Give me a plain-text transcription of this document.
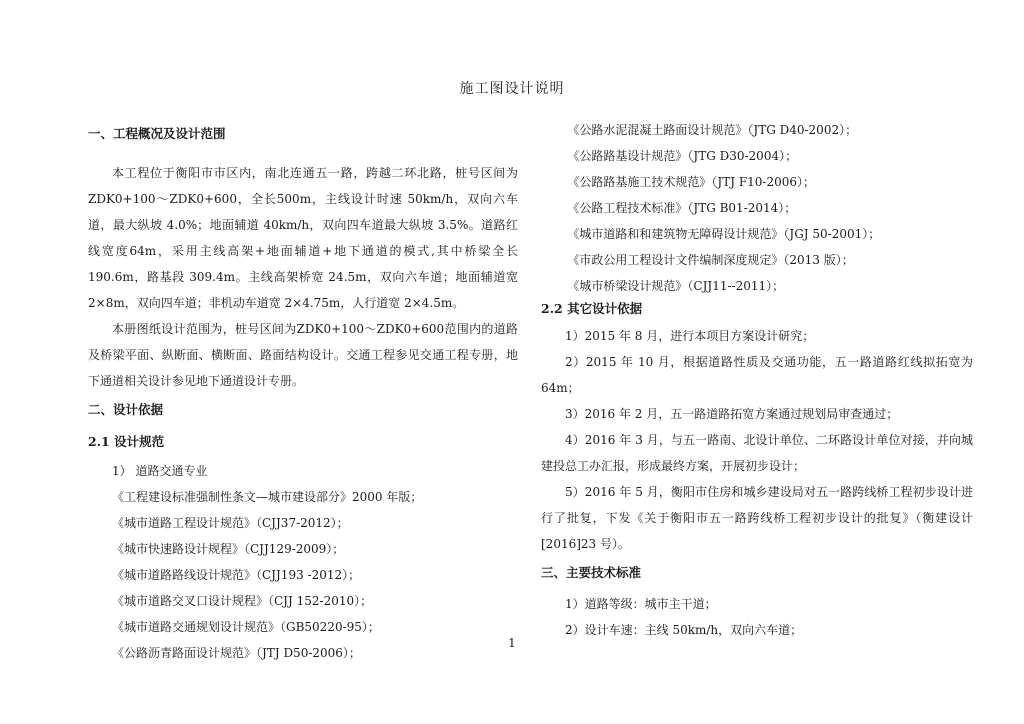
施工图设计说明

一、工程概况及设计范围

本工程位于衡阳市市区内，南北连通五一路，跨越二环北路，桩号区间为ZDK0+100～ZDK0+600，全长500m，主线设计时速 50km/h，双向六车道，最大纵坡 4.0%；地面辅道 40km/h，双向四车道最大纵坡 3.5%。道路红线宽度64m，采用主线高架+地面辅道+地下通道的模式,其中桥梁全长 190.6m，路基段 309.4m。主线高架桥宽 24.5m，双向六车道；地面辅道宽 2×8m，双向四车道；非机动车道宽 2×4.75m，人行道宽 2×4.5m。

本册图纸设计范围为，桩号区间为ZDK0+100～ZDK0+600范围内的道路及桥梁平面、纵断面、横断面、路面结构设计。交通工程参见交通工程专册，地下通道相关设计参见地下通道设计专册。

二、设计依据

2.1 设计规范

1） 道路交通专业

《工程建设标准强制性条文—城市建设部分》2000 年版；

《城市道路工程设计规范》（CJJ37-2012）；

《城市快速路设计规程》（CJJ129-2009）；

《城市道路路线设计规范》（CJJ193 -2012）；

《城市道路交叉口设计规程》（CJJ 152-2010）；

《城市道路交通规划设计规范》（GB50220-95）；

《公路沥青路面设计规范》（JTJ D50-2006）；

《公路水泥混凝土路面设计规范》（JTG D40-2002）；

《公路路基设计规范》（JTG D30-2004）；

《公路路基施工技术规范》（JTJ F10-2006）；

《公路工程技术标准》（JTG B01-2014）；

《城市道路和和建筑物无障碍设计规范》（JGJ 50-2001）；

《市政公用工程设计文件编制深度规定》（2013 版）；

《城市桥梁设计规范》（CJJ11--2011）；

2.2 其它设计依据

1）2015 年 8 月，进行本项目方案设计研究；

2）2015 年 10 月，根据道路性质及交通功能，五一路道路红线拟拓宽为64m；

3）2016 年 2 月，五一路道路拓宽方案通过规划局审查通过；

4）2016 年 3 月，与五一路南、北设计单位、二环路设计单位对接，并向城建投总工办汇报，形成最终方案，开展初步设计；

5）2016 年 5 月，衡阳市住房和城乡建设局对五一路跨线桥工程初步设计进行了批复，下发《关于衡阳市五一路跨线桥工程初步设计的批复》（衡建设计[2016]23 号）。

三、主要技术标准

1）道路等级：城市主干道；

2）设计车速：主线 50km/h，双向六车道；

1
